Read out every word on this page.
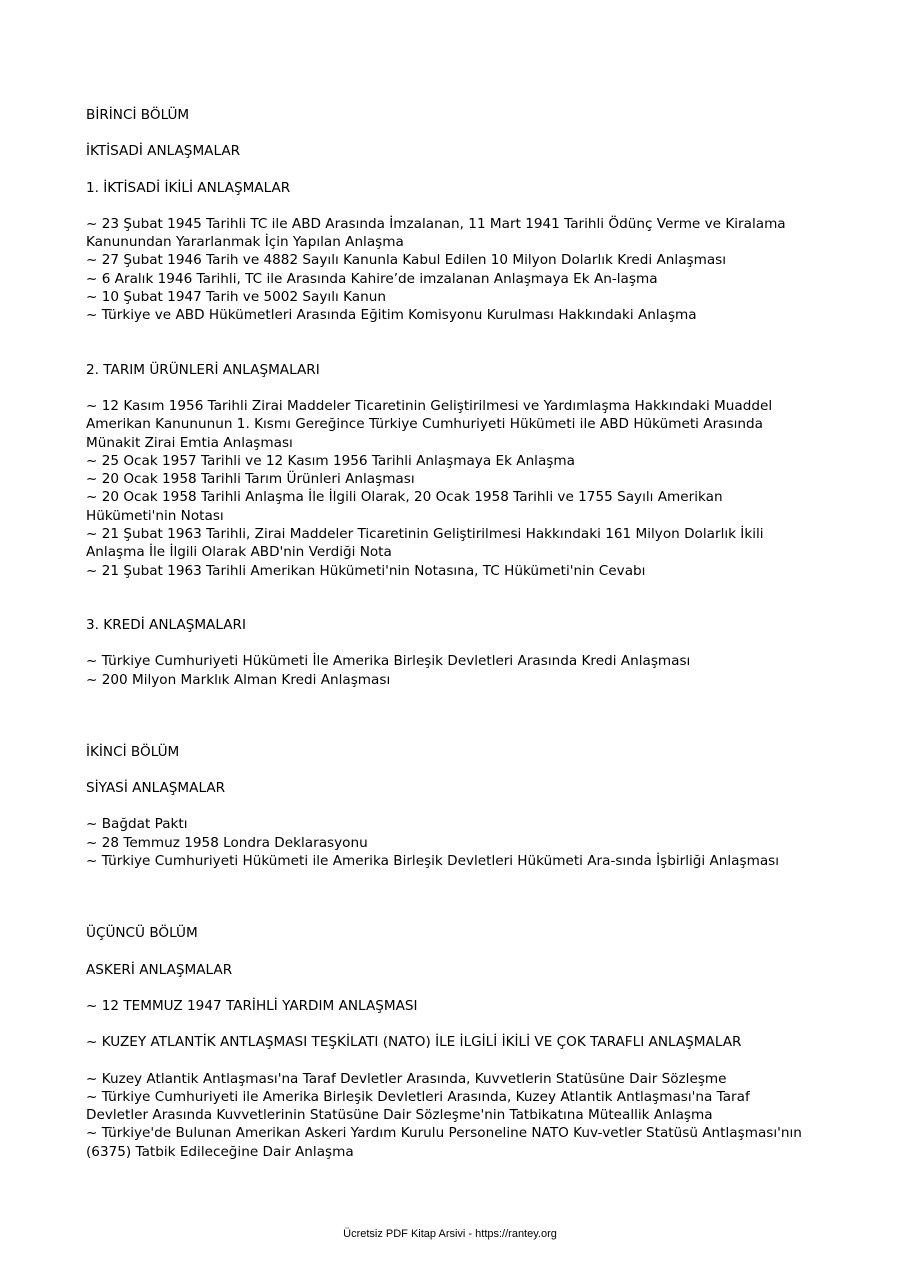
BİRİNCİ BÖLÜM
İKTİSADİ ANLAŞMALAR
1. İKTİSADİ İKİLİ ANLAŞMALAR
~ 23 Şubat 1945 Tarihli TC ile ABD Arasında İmzalanan, 11 Mart 1941 Tarihli Ödünç Verme ve Kiralama Kanunundan Yararlanmak İçin Yapılan Anlaşma
~ 27 Şubat 1946 Tarih ve 4882 Sayılı Kanunla Kabul Edilen 10 Milyon Dolarlık Kredi Anlaşması
~ 6 Aralık 1946 Tarihli, TC ile Arasında Kahire’de imzalanan Anlaşmaya Ek An-laşma
~ 10 Şubat 1947 Tarih ve 5002 Sayılı Kanun
~ Türkiye ve ABD Hükümetleri Arasında Eğitim Komisyonu Kurulması Hakkındaki Anlaşma
2. TARIM ÜRÜNLERİ ANLAŞMALARI
~ 12 Kasım 1956 Tarihli Zirai Maddeler Ticaretinin Geliştirilmesi ve Yardımlaşma Hakkındaki Muaddel Amerikan Kanununun 1. Kısmı Gereğince Türkiye Cumhuriyeti Hükümeti ile ABD Hükümeti Arasında Münakit Zirai Emtia Anlaşması
~ 25 Ocak 1957 Tarihli ve 12 Kasım 1956 Tarihli Anlaşmaya Ek Anlaşma
~ 20 Ocak 1958 Tarihli Tarım Ürünleri Anlaşması
~ 20 Ocak 1958 Tarihli Anlaşma İle İlgili Olarak, 20 Ocak 1958 Tarihli ve 1755 Sayılı Amerikan Hükümeti'nin Notası
~ 21 Şubat 1963 Tarihli, Zirai Maddeler Ticaretinin Geliştirilmesi Hakkındaki 161 Milyon Dolarlık İkili Anlaşma İle İlgili Olarak ABD'nin Verdiği Nota
~ 21 Şubat 1963 Tarihli Amerikan Hükümeti'nin Notasına, TC Hükümeti'nin Cevabı
3. KREDİ ANLAŞMALARI
~ Türkiye Cumhuriyeti Hükümeti İle Amerika Birleşik Devletleri Arasında Kredi Anlaşması
~ 200 Milyon Marklık Alman Kredi Anlaşması
İKİNCİ BÖLÜM
SİYASİ ANLAŞMALAR
~ Bağdat Paktı
~ 28 Temmuz 1958 Londra Deklarasyonu
~ Türkiye Cumhuriyeti Hükümeti ile Amerika Birleşik Devletleri Hükümeti Ara-sında İşbirliği Anlaşması
ÜÇÜNCÜ BÖLÜM
ASKERİ ANLAŞMALAR
~ 12 TEMMUZ 1947 TARİHLİ YARDIM ANLAŞMASI
~ KUZEY ATLANTİK ANTLAŞMASI TEŞKİLATI (NATO) İLE İLGİLİ İKİLİ VE ÇOK TARAFLI ANLAŞMALAR
~ Kuzey Atlantik Antlaşması'na Taraf Devletler Arasında, Kuvvetlerin Statüsüne Dair Sözleşme
~ Türkiye Cumhuriyeti ile Amerika Birleşik Devletleri Arasında, Kuzey Atlantik Antlaşması'na Taraf Devletler Arasında Kuvvetlerinin Statüsüne Dair Sözleşme'nin Tatbikatına Müteallik Anlaşma
~ Türkiye'de Bulunan Amerikan Askeri Yardım Kurulu Personeline NATO Kuv-vetler Statüsü Antlaşması'nın (6375) Tatbik Edileceğine Dair Anlaşma
Ücretsiz PDF Kitap Arsivi - https://rantey.org
